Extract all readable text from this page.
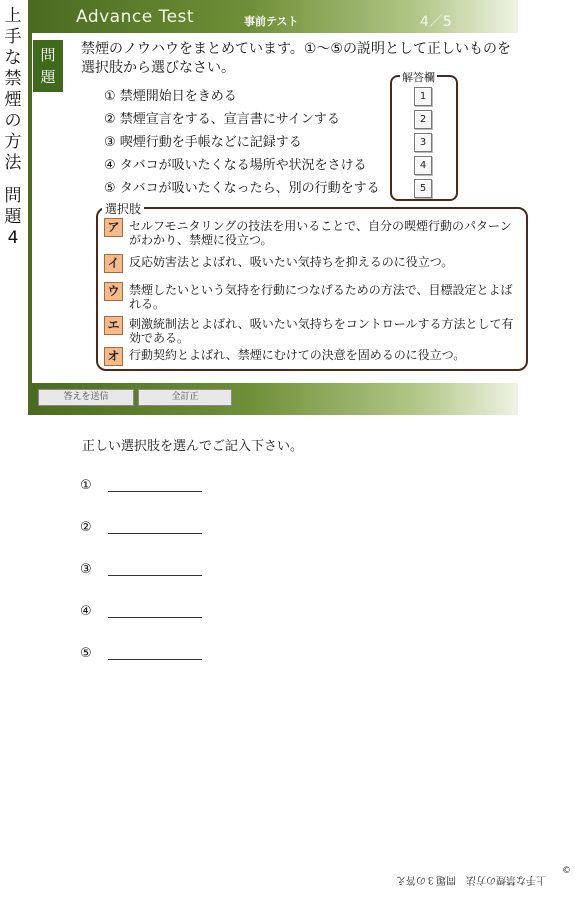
上
手
な
禁
煙
の
方
法
問
題
4
Advance Test	事前テスト	4／5
問
題
禁煙のノウハウをまとめています。①～⑤の説明として正しいものを選択肢から選びなさい。
① 禁煙開始日をきめる
② 禁煙宣言をする、宣言書にサインする
③ 喫煙行動を手帳などに記録する
④ タバコが吸いたくなる場所や状況をさける
⑤ タバコが吸いたくなったら、別の行動をする
解答欄
1
2
3
4
5
選択肢
ア セルフモニタリングの技法を用いることで、自分の喫煙行動のパターンがわかり、禁煙に役立つ。
イ 反応妨害法とよばれ、吸いたい気持ちを抑えるのに役立つ。
ウ 禁煙したいという気持を行動につなげるための方法で、目標設定とよばれる。
エ 刺激統制法とよばれ、吸いたい気持ちをコントロールする方法として有効である。
オ 行動契約とよばれ、禁煙にむけての決意を固めるのに役立つ。
答えを送信	全訂正
正しい選択肢を選んでご記入下さい。
①
②
③
④
⑤
©
上手な禁煙の方法　問題３の答え
